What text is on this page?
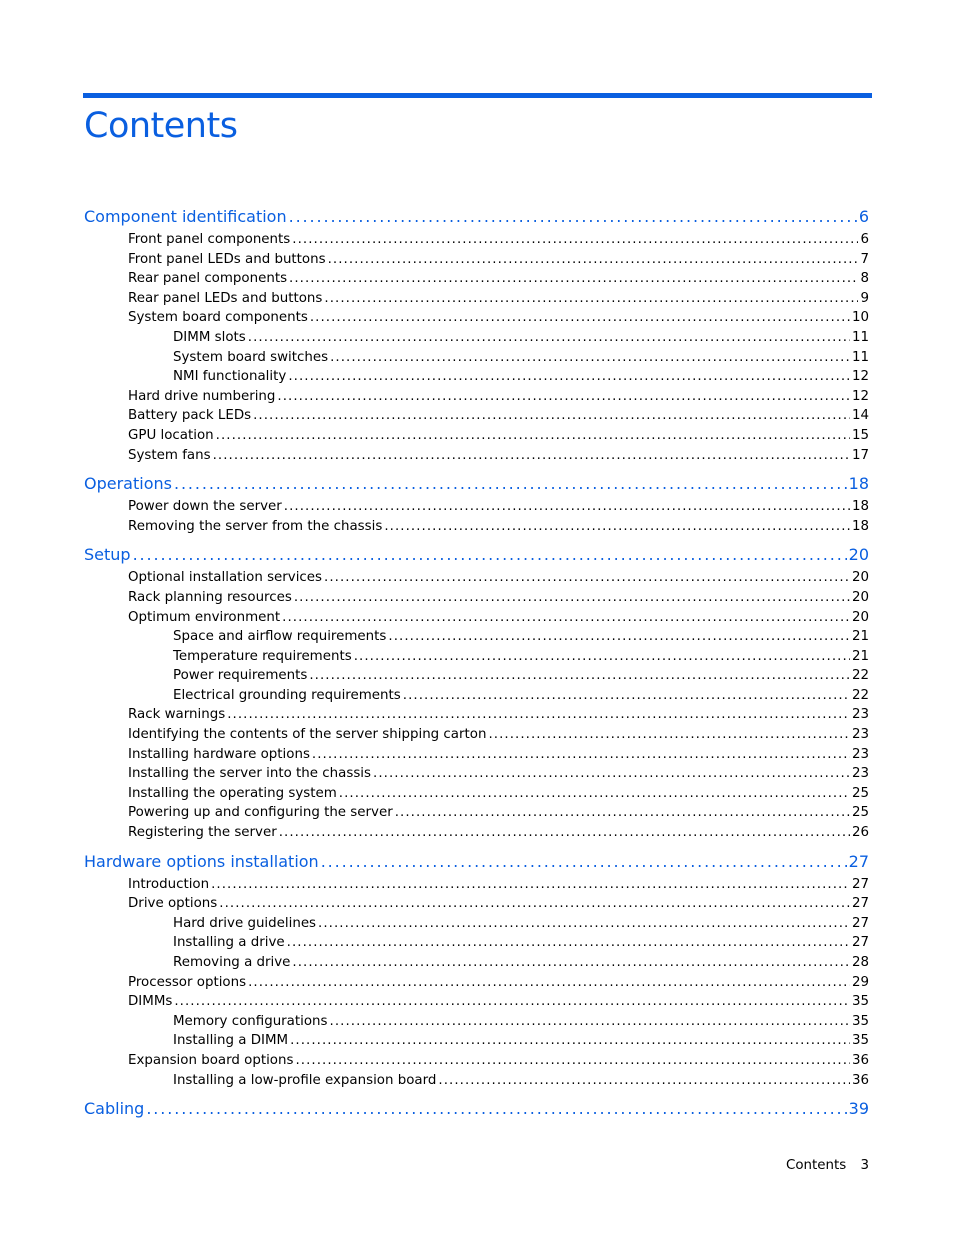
Contents
Component identification . . .	6
Front panel components . . .	6
Front panel LEDs and buttons . . .	7
Rear panel components . . .	8
Rear panel LEDs and buttons . . .	9
System board components . . .	10
DIMM slots . . .	11
System board switches . . .	11
NMI functionality . . .	12
Hard drive numbering . . .	12
Battery pack LEDs . . .	14
GPU location . . .	15
System fans . . .	17
Operations . . .	18
Power down the server . . .	18
Removing the server from the chassis . . .	18
Setup . . .	20
Optional installation services . . .	20
Rack planning resources . . .	20
Optimum environment . . .	20
Space and airflow requirements . . .	21
Temperature requirements . . .	21
Power requirements . . .	22
Electrical grounding requirements . . .	22
Rack warnings . . .	23
Identifying the contents of the server shipping carton . . .	23
Installing hardware options . . .	23
Installing the server into the chassis . . .	23
Installing the operating system . . .	25
Powering up and configuring the server . . .	25
Registering the server . . .	26
Hardware options installation . . .	27
Introduction . . .	27
Drive options . . .	27
Hard drive guidelines . . .	27
Installing a drive . . .	27
Removing a drive . . .	28
Processor options . . .	29
DIMMs . . .	35
Memory configurations . . .	35
Installing a DIMM . . .	35
Expansion board options . . .	36
Installing a low-profile expansion board . . .	36
Cabling . . .	39
Contents 3
